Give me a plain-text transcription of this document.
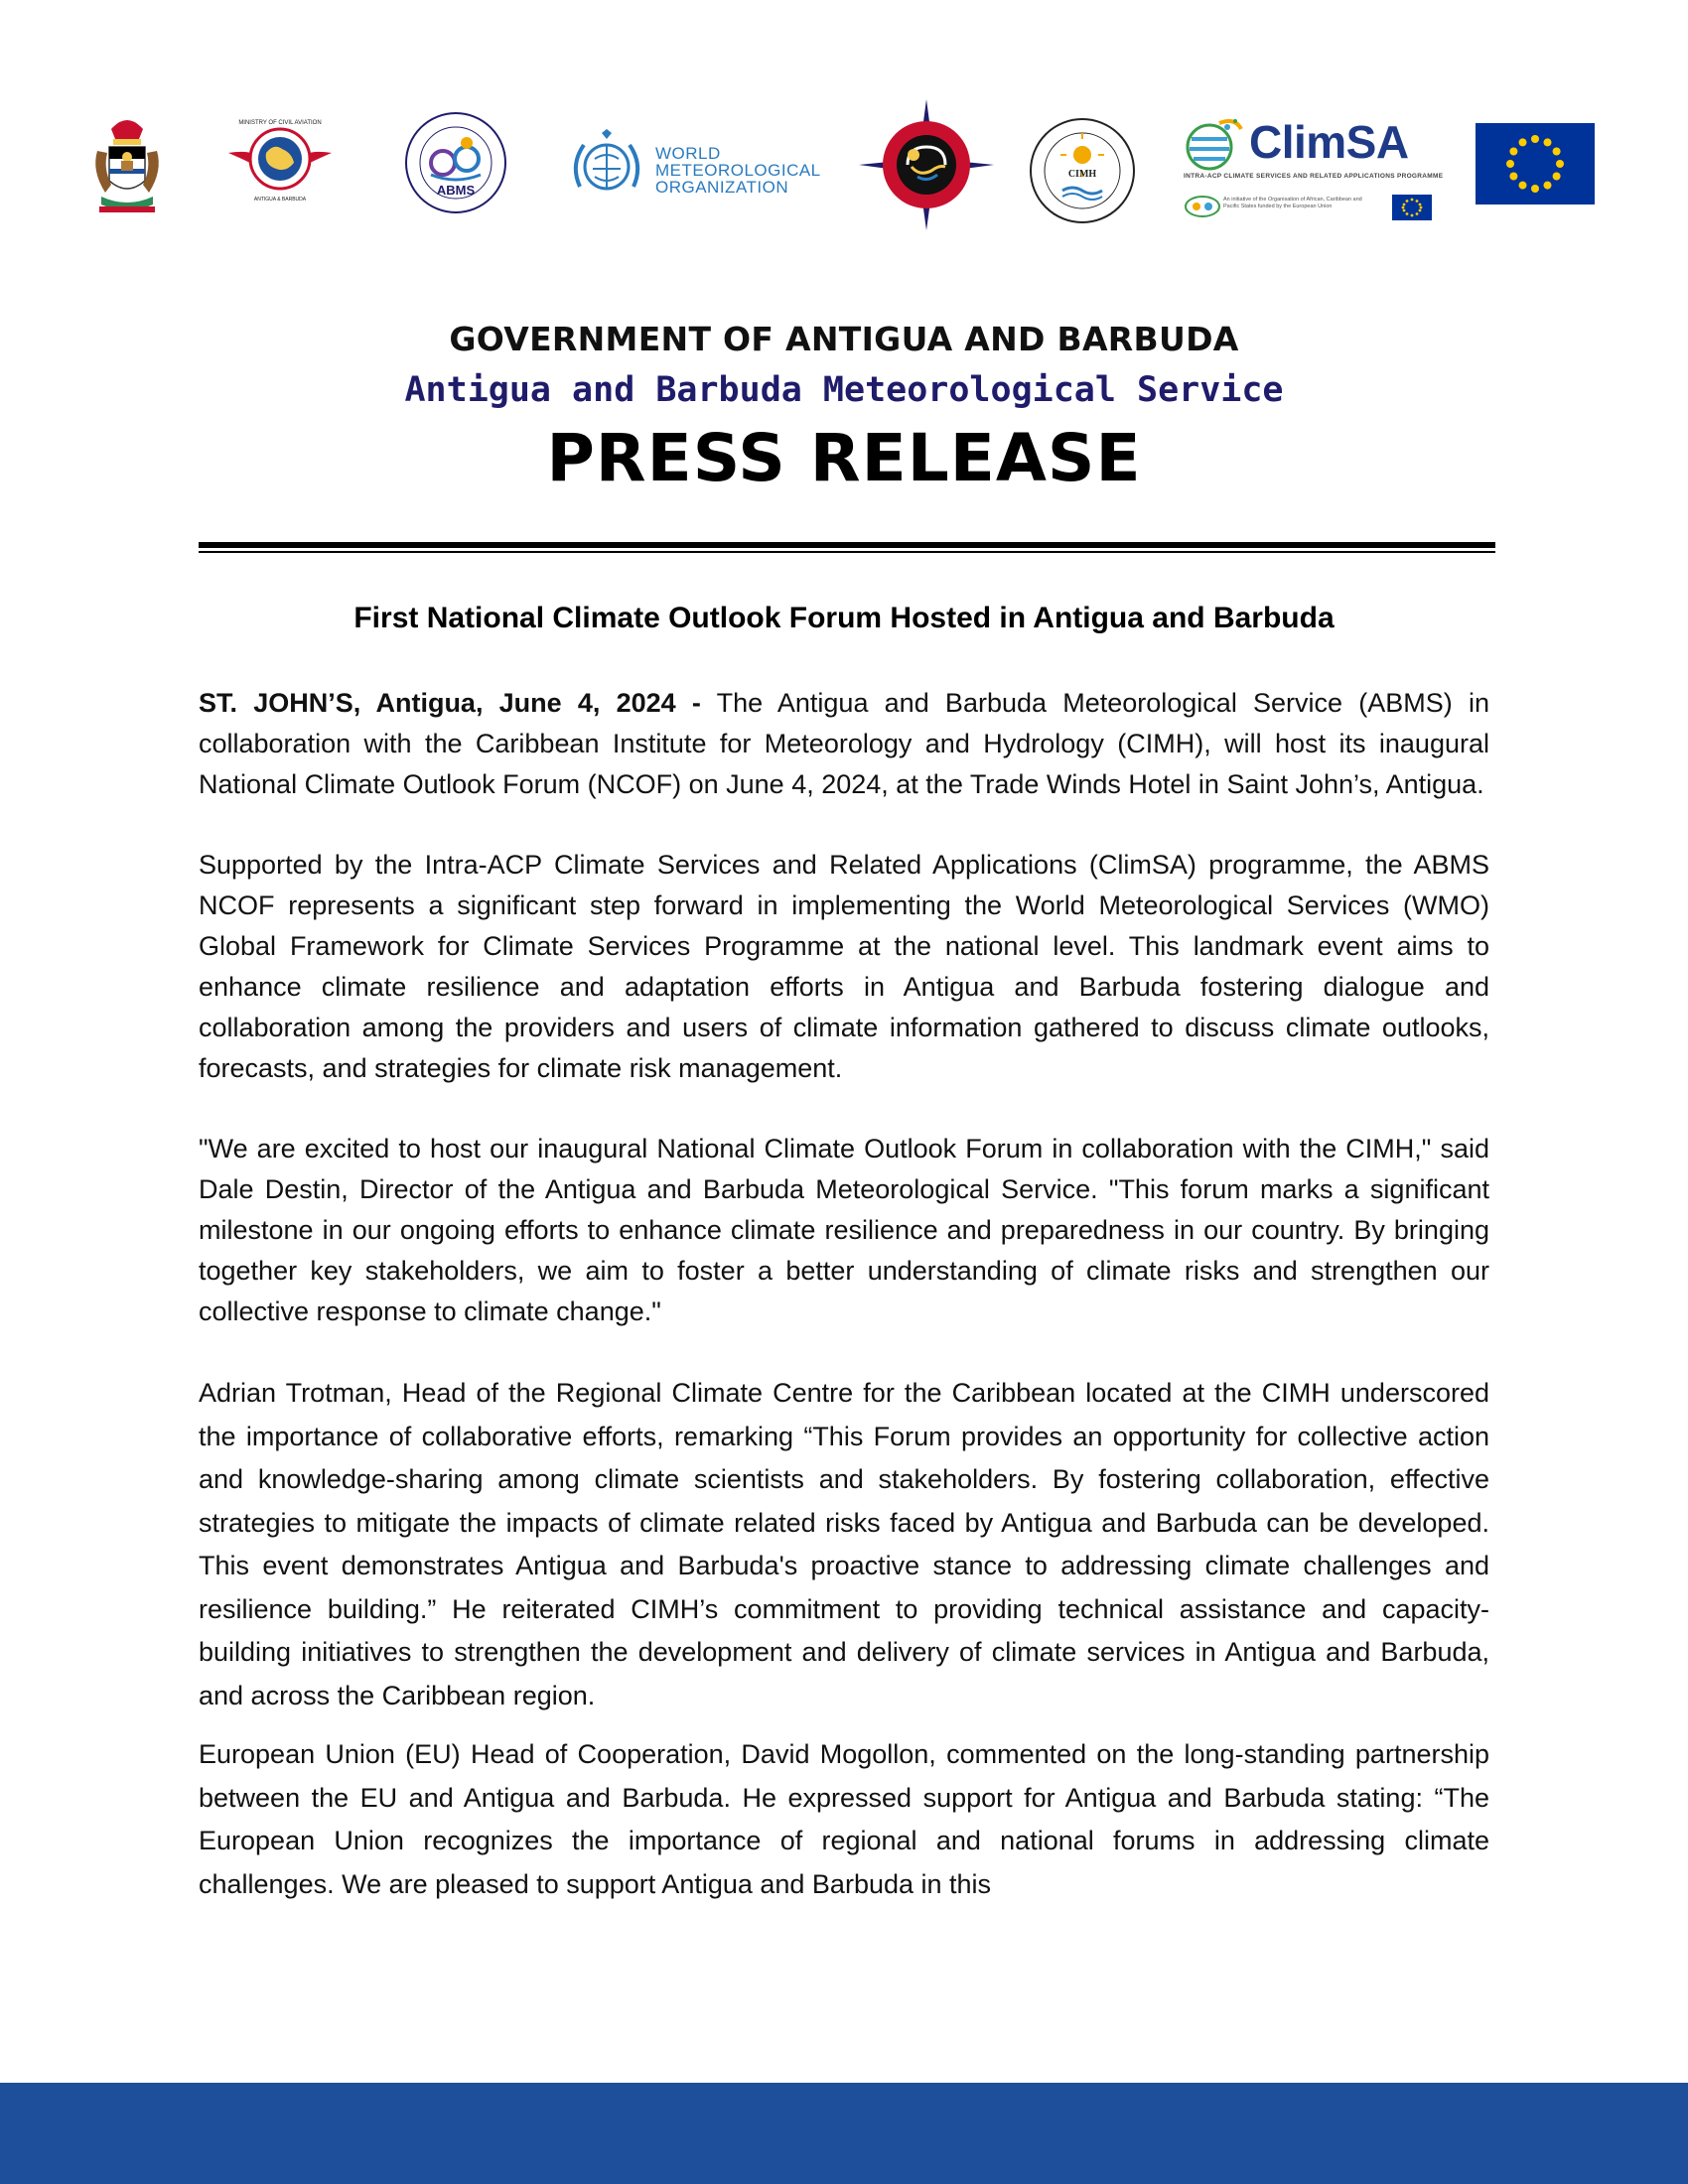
MINISTRY OF CIVIL AVIATION
ANTIGUA & BARBUDA
ABMS
WORLD
METEOROLOGICAL
ORGANIZATION
CIMH
ClimSA
INTRA-ACP CLIMATE SERVICES AND RELATED APPLICATIONS PROGRAMME
An initiative of the Organisation of African, Caribbean and Pacific States funded by the European Union
GOVERNMENT OF ANTIGUA AND BARBUDA
Antigua and Barbuda Meteorological Service
PRESS RELEASE
First National Climate Outlook Forum Hosted in Antigua and Barbuda

ST. JOHN’S, Antigua, June 4, 2024 - The Antigua and Barbuda Meteorological Service (ABMS) in collaboration with the Caribbean Institute for Meteorology and Hydrology (CIMH), will host its inaugural National Climate Outlook Forum (NCOF) on June 4, 2024, at the Trade Winds Hotel in Saint John’s, Antigua.

Supported by the Intra-ACP Climate Services and Related Applications (ClimSA) programme, the ABMS NCOF represents a significant step forward in implementing the World Meteorological Services (WMO) Global Framework for Climate Services Programme at the national level. This landmark event aims to enhance climate resilience and adaptation efforts in Antigua and Barbuda fostering dialogue and collaboration among the providers and users of climate information gathered to discuss climate outlooks, forecasts, and strategies for climate risk management.

"We are excited to host our inaugural National Climate Outlook Forum in collaboration with the CIMH," said Dale Destin, Director of the Antigua and Barbuda Meteorological Service. "This forum marks a significant milestone in our ongoing efforts to enhance climate resilience and preparedness in our country. By bringing together key stakeholders, we aim to foster a better understanding of climate risks and strengthen our collective response to climate change."

Adrian Trotman, Head of the Regional Climate Centre for the Caribbean located at the CIMH underscored the importance of collaborative efforts, remarking “This Forum provides an opportunity for collective action and knowledge-sharing among climate scientists and stakeholders. By fostering collaboration, effective strategies to mitigate the impacts of climate related risks faced by Antigua and Barbuda can be developed. This event demonstrates Antigua and Barbuda's proactive stance to addressing climate challenges and resilience building.” He reiterated CIMH’s commitment to providing technical assistance and capacity-building initiatives to strengthen the development and delivery of climate services in Antigua and Barbuda, and across the Caribbean region.

European Union (EU) Head of Cooperation, David Mogollon, commented on the long-standing partnership between the EU and Antigua and Barbuda. He expressed support for Antigua and Barbuda stating: “The European Union recognizes the importance of regional and national forums in addressing climate challenges. We are pleased to support Antigua and Barbuda in this
